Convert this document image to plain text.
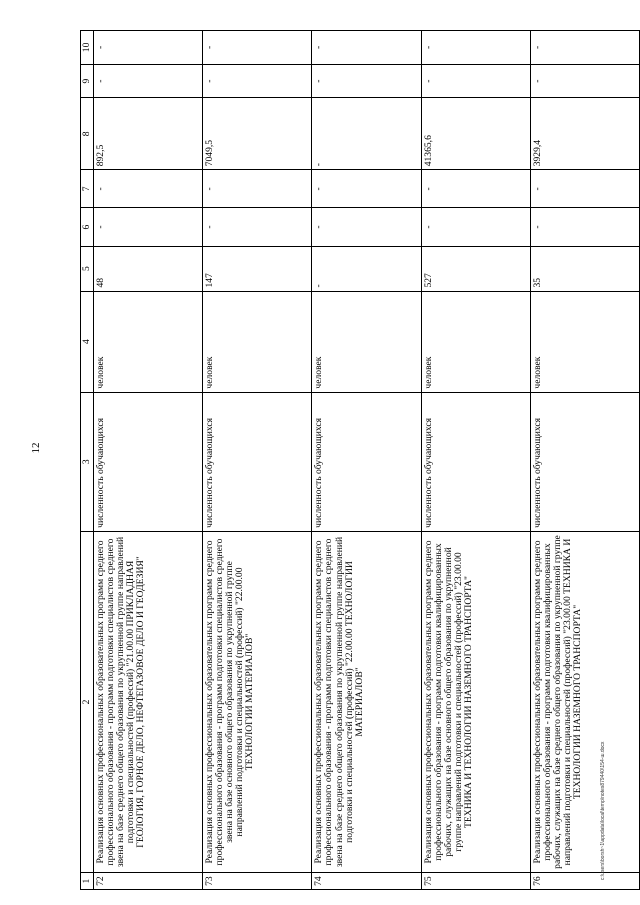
12
1	2	3	4	5	6	7	8	9	10
72	Реализация основных профессиональных образовательных программ среднего профессионального образования - программ подготовки специалистов среднего звена на базе среднего общего образования по укрупненной группе направлений подготовки и специальностей (профессий) "21.00.00 ПРИКЛАДНАЯ ГЕОЛОГИЯ, ГОРНОЕ ДЕЛО, НЕФТЕГАЗОВОЕ ДЕЛО И ГЕОДЕЗИЯ"	численность обучающихся	человек	48	-	-	892,5	-	-
73	Реализация основных профессиональных образовательных программ среднего профессионального образования - программ подготовки специалистов среднего звена на базе основного общего образования по укрупненной группе направлений подготовки и специальностей (профессий) "22.00.00 ТЕХНОЛОГИИ МАТЕРИАЛОВ"	численность обучающихся	человек	147	-	-	7049,5	-	-
74	Реализация основных профессиональных образовательных программ среднего профессионального образования - программ подготовки специалистов среднего звена на базе среднего общего образования по укрупненной группе направлений подготовки и специальностей (профессий) "22.00.00 ТЕХНОЛОГИИ МАТЕРИАЛОВ"	численность обучающихся	человек	-	-	-	-	-	-
75	Реализация основных профессиональных образовательных программ среднего профессионального образования - программ подготовки квалифицированных рабочих, служащих на базе основного общего образования по укрупненной группе направлений подготовки и специальностей (профессий) "23.00.00 ТЕХНИКА И ТЕХНОЛОГИИ НАЗЕМНОГО ТРАНСПОРТА"	численность обучающихся	человек	527	-	-	41365,6	-	-
76	Реализация основных профессиональных образовательных программ среднего профессионального образования - программ подготовки квалифицированных рабочих, служащих на базе среднего общего образования по укрупненной группе направлений подготовки и специальностей (профессий) "23.00.00 ТЕХНИКА И ТЕХНОЛОГИИ НАЗЕМНОГО ТРАНСПОРТА"	численность обучающихся	человек	35	-	-	3929,4	-	-
c:\users\borsh~1\appdata\local\temp\notes879440\154-ш.docx
